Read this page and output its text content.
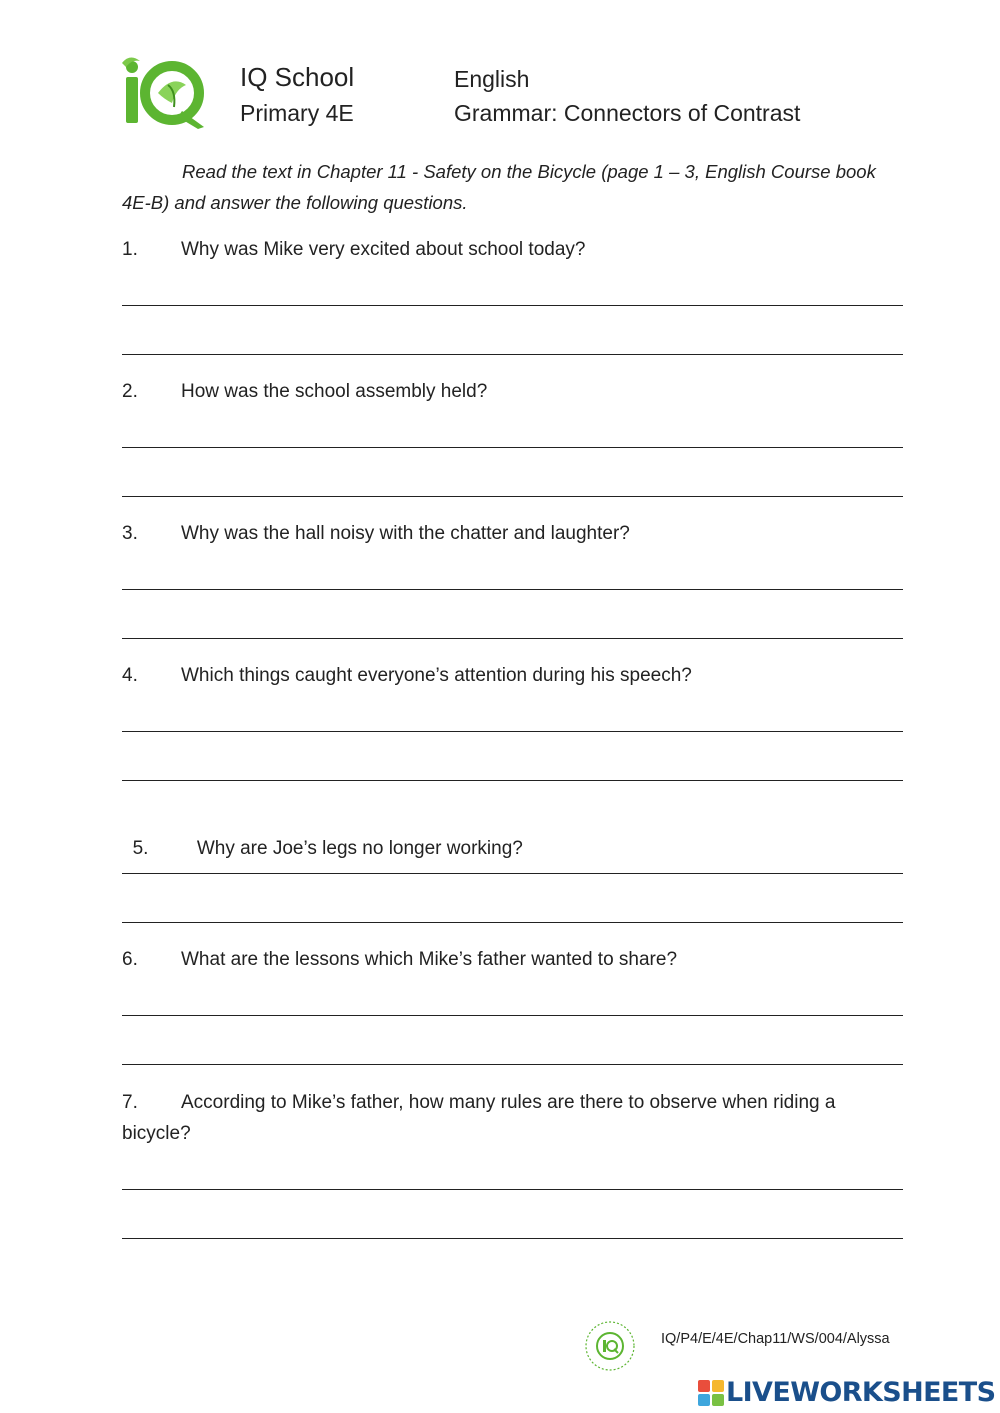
IQ School
Primary 4E
English
Grammar: Connectors of Contrast
Read the text in Chapter 11 - Safety on the Bicycle (page 1 – 3, English Course book 4E-B) and answer the following questions.
1. Why was Mike very excited about school today?
2. How was the school assembly held?
3. Why was the hall noisy with the chatter and laughter?
4. Which things caught everyone’s attention during his speech?

5. Why are Joe’s legs no longer working?

6. What are the lessons which Mike’s father wanted to share?
7. According to Mike’s father, how many rules are there to observe when riding a bicycle?
IQ/P4/E/4E/Chap11/WS/004/Alyssa
LIVEWORKSHEETS
